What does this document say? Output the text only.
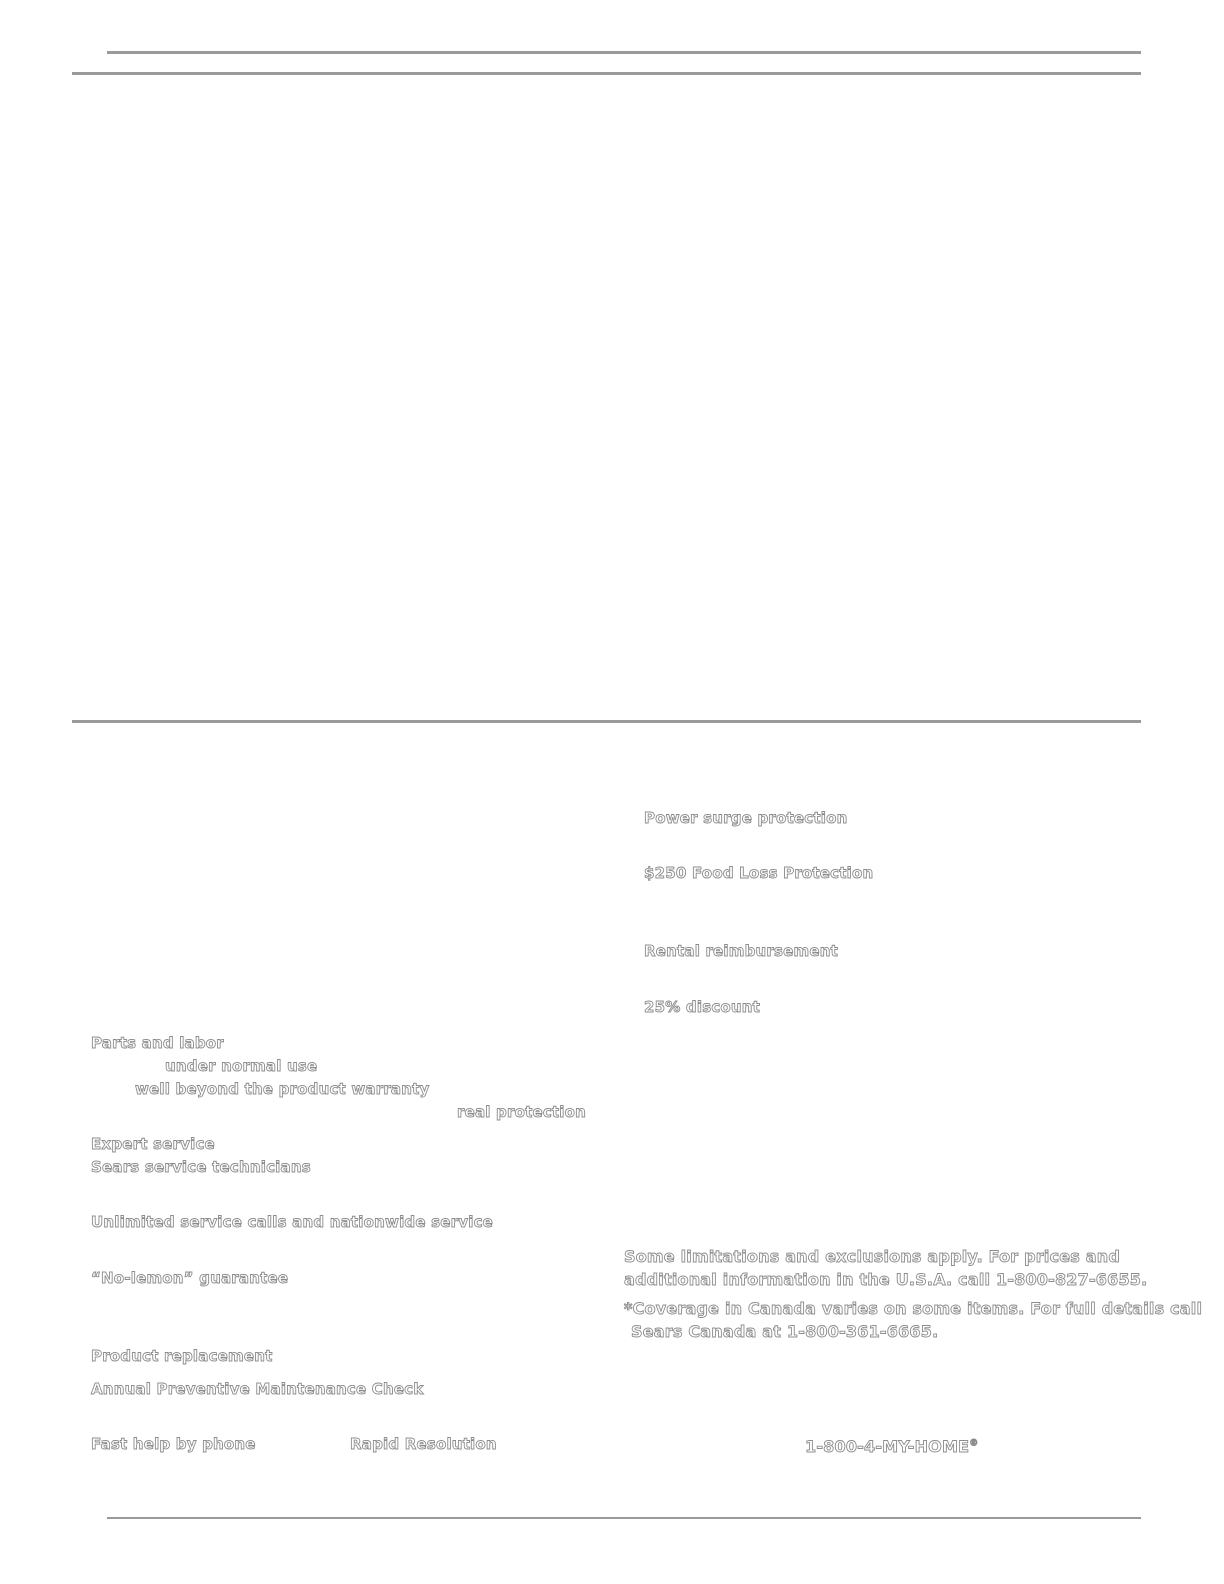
Parts and labor
under normal use
well beyond the product warranty
real protection
Expert service
Sears service technicians
Unlimited service calls and nationwide service
“No-lemon” guarantee
Product replacement
Annual Preventive Maintenance Check
Fast help by phone	Rapid Resolution
Power surge protection
$250 Food Loss Protection
Rental reimbursement
25% discount
Some limitations and exclusions apply. For prices and
additional information in the U.S.A. call 1-800-827-6655.
*Coverage in Canada varies on some items. For full details call
Sears Canada at 1-800-361-6665.
1-800-4-MY-HOME®
